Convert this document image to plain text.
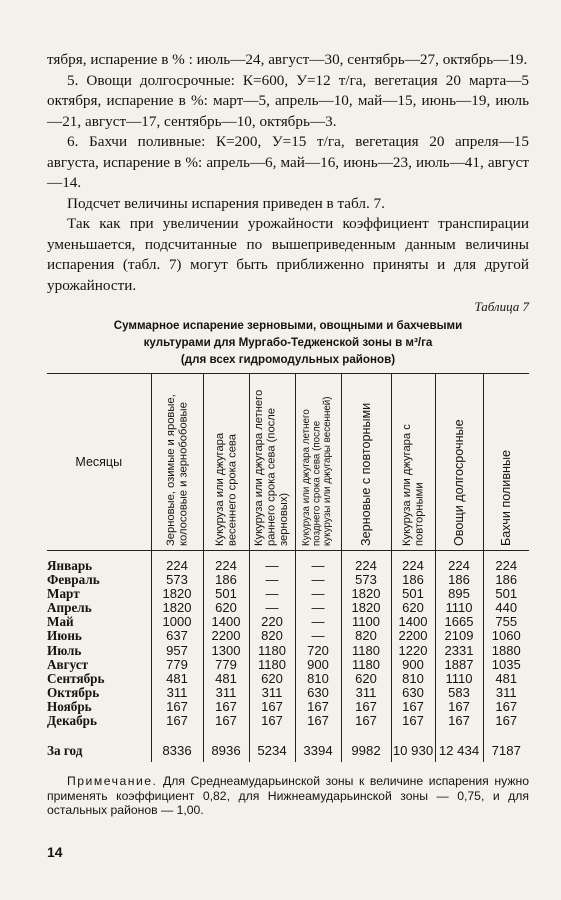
тября, испарение в % : июль—24, август—30, сентябрь—27, октябрь—19.

5. Овощи долгосрочные: К=600, У=12 т/га, вегетация 20 марта—5 октября, испарение в %: март—5, апрель—10, май—15, июнь—19, июль—21, август—17, сентябрь—10, октябрь—3.

6. Бахчи поливные: К=200, У=15 т/га, вегетация 20 апреля—15 августа, испарение в %: апрель—6, май—16, июнь—23, июль—41, август—14.

Подсчет величины испарения приведен в табл. 7.

Так как при увеличении урожайности коэффициент транспирации уменьшается, подсчитанные по вышеприведенным данным величины испарения (табл. 7) могут быть приближенно приняты и для другой урожайности.

Таблица 7
Суммарное испарение зерновыми, овощными и бахчевыми
культурами для Мургабо-Тедженской зоны в м³/га
(для всех гидромодульных районов)
Месяцы	Зерновые, озимые и яровые, колосовые и зернобобовые	Кукуруза или джугара весеннего срока сева	Кукуруза или джугара летнего раннего срока сева (после зерновых)	Кукуруза или джугара летнего позднего срока сева (после кукурузы или джугары весенней)	Зерновые с повторными	Кукуруза или джугара с повторными	Овощи долгосрочные	Бахчи поливные

Январь	224	224	—	—	224	224	224	224
Февраль	573	186	—	—	573	186	186	186
Март	1820	501	—	—	1820	501	895	501
Апрель	1820	620	—	—	1820	620	1110	440
Май	1000	1400	220	—	1100	1400	1665	755
Июнь	637	2200	820	—	820	2200	2109	1060
Июль	957	1300	1180	720	1180	1220	2331	1880
Август	779	779	1180	900	1180	900	1887	1035
Сентябрь	481	481	620	810	620	810	1110	481
Октябрь	311	311	311	630	311	630	583	311
Ноябрь	167	167	167	167	167	167	167	167
Декабрь	167	167	167	167	167	167	167	167
За год	8336	8936	5234	3394	9982	10 930	12 434	7187
Примечание. Для Среднеамударьинской зоны к величине испарения нужно применять коэффициент 0,82, для Нижнеамударьинской зоны — 0,75, и для остальных районов — 1,00.
14
